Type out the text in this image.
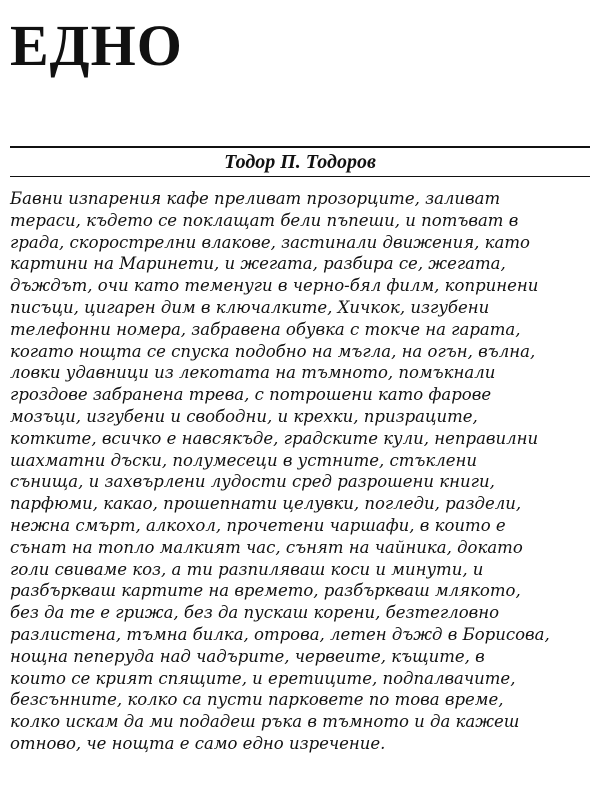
ЕДНО
Тодор П. Тодоров
Бавни изпарения кафе преливат прозорците, заливат
тераси, където се поклащат бели пъпеши, и потъват в
града, скорострелни влакове, застинали движения, като
картини на Маринети, и жегата, разбира се, жегата,
дъждът, очи като теменуги в черно-бял филм, копринени
писъци, цигарен дим в ключалките, Хичкок, изгубени
телефонни номера, забравена обувка с токче на гарата,
когато нощта се спуска подобно на мъгла, на огън, вълна,
ловки удавници из лекотата на тъмното, помъкнали
гроздове забранена трева, с потрошени като фарове
мозъци, изгубени и свободни, и крехки, призраците,
котките, всичко е навсякъде, градските кули, неправилни
шахматни дъски, полумесеци в устните, стъклени
сънища, и захвърлени лудости сред разрошени книги,
парфюми, какао, прошепнати целувки, погледи, раздели,
нежна смърт, алкохол, прочетени чаршафи, в които е
сънат на топло малкият час, сънят на чайника, докато
голи свиваме коз, а ти разпиляваш коси и минути, и
разбъркваш картите на времето, разбъркваш млякото,
без да те е грижа, без да пускаш корени, безтегловно
разлистена, тъмна билка, отрова, летен дъжд в Борисова,
нощна пеперуда над чадърите, червеите, къщите, в
които се крият спящите, и еретиците, подпалвачите,
безсънните, колко са пусти парковете по това време,
колко искам да ми подадеш ръка в тъмното и да кажеш
отново, че нощта е само едно изречение.
